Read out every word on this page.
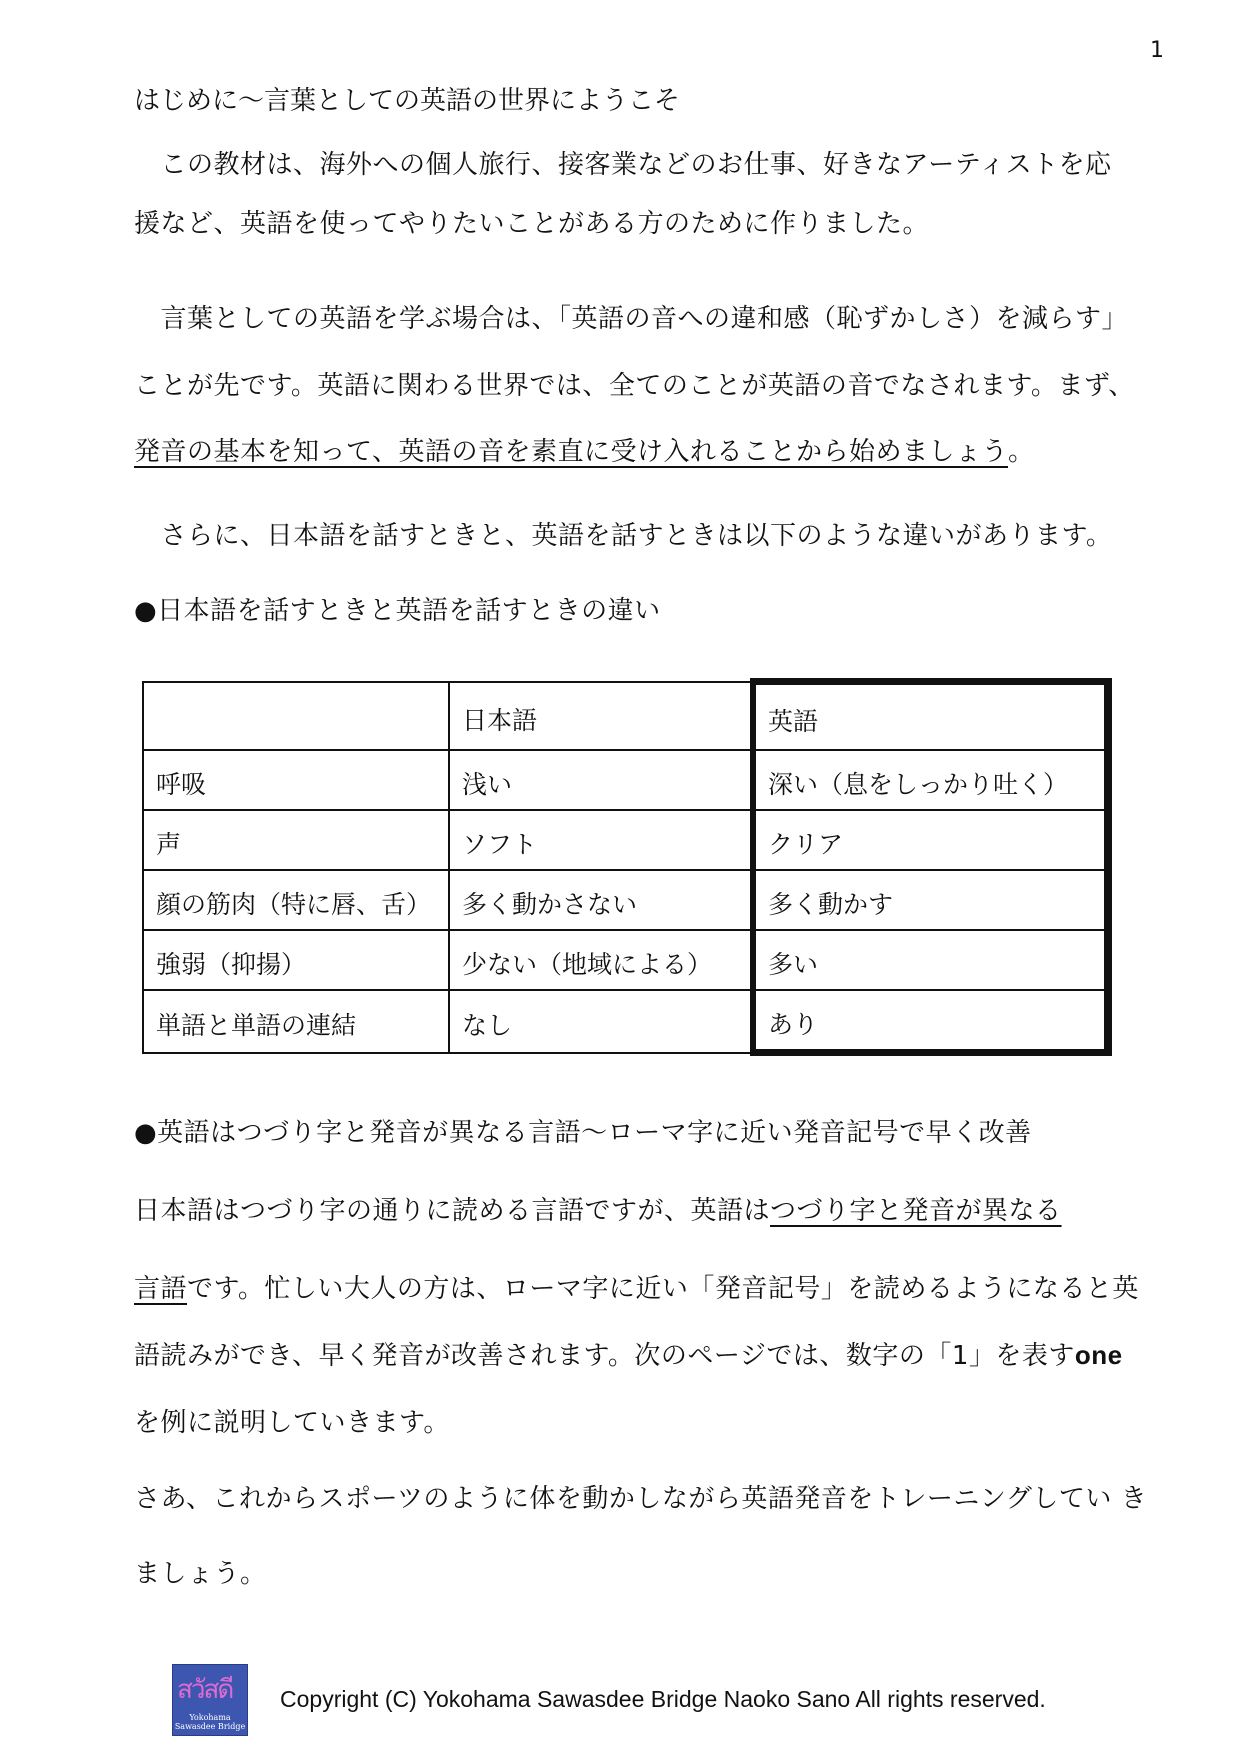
1
はじめに～言葉としての英語の世界にようこそ
　この教材は、海外への個人旅行、接客業などのお仕事、好きなアーティストを応
援など、英語を使ってやりたいことがある方のために作りました。
　言葉としての英語を学ぶ場合は、「英語の音への違和感（恥ずかしさ）を減らす」
ことが先です。英語に関わる世界では、全てのことが英語の音でなされます。まず、
発音の基本を知って、英語の音を素直に受け入れることから始めましょう。
　さらに、日本語を話すときと、英語を話すときは以下のような違いがあります。
●日本語を話すときと英語を話すときの違い
	日本語	英語
呼吸	浅い	深い（息をしっかり吐く）
声	ソフト	クリア
顔の筋肉（特に唇、舌）	多く動かさない	多く動かす
強弱（抑揚）	少ない（地域による）	多い
単語と単語の連結	なし	あり
●英語はつづり字と発音が異なる言語～ローマ字に近い発音記号で早く改善
日本語はつづり字の通りに読める言語ですが、英語はつづり字と発音が異なる
言語です。忙しい大人の方は、ローマ字に近い「発音記号」を読めるようになると英
語読みができ、早く発音が改善されます。次のページでは、数字の「1」を表すone
を例に説明していきます。
さあ、これからスポーツのように体を動かしながら英語発音をトレーニングしてい き
ましょう。
สวัสดี
Yokohama Sawasdee Bridge
Copyright (C) Yokohama Sawasdee Bridge Naoko Sano All rights reserved.
